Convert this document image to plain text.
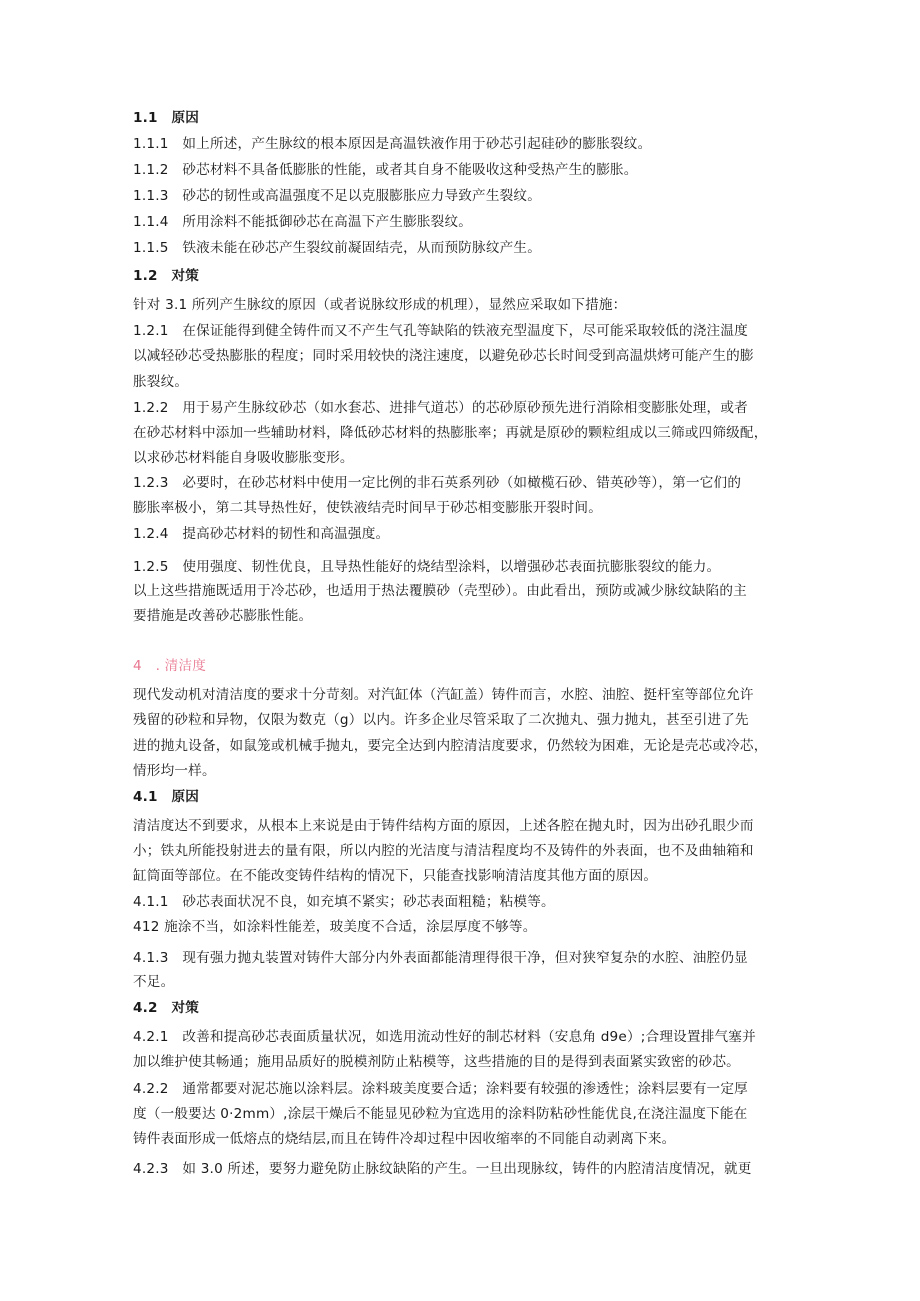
1.1　原因
1.1.1　如上所述，产生脉纹的根本原因是高温铁液作用于砂芯引起硅砂的膨胀裂纹。
1.1.2　砂芯材料不具备低膨胀的性能，或者其自身不能吸收这种受热产生的膨胀。
1.1.3　砂芯的韧性或高温强度不足以克服膨胀应力导致产生裂纹。
1.1.4　所用涂料不能抵御砂芯在高温下产生膨胀裂纹。
1.1.5　铁液未能在砂芯产生裂纹前凝固结壳，从而预防脉纹产生。
1.2　对策
针对 3.1 所列产生脉纹的原因（或者说脉纹形成的机理），显然应采取如下措施：
1.2.1　在保证能得到健全铸件而又不产生气孔等缺陷的铁液充型温度下，尽可能采取较低的浇注温度
以减轻砂芯受热膨胀的程度；同时采用较快的浇注速度，以避免砂芯长时间受到高温烘烤可能产生的膨
胀裂纹。
1.2.2　用于易产生脉纹砂芯（如水套芯、进排气道芯）的芯砂原砂预先进行消除相变膨胀处理，或者
在砂芯材料中添加一些辅助材料，降低砂芯材料的热膨胀率；再就是原砂的颗粒组成以三筛或四筛级配，
以求砂芯材料能自身吸收膨胀变形。
1.2.3　必要时，在砂芯材料中使用一定比例的非石英系列砂（如橄榄石砂、错英砂等），第一它们的
膨胀率极小，第二其导热性好，使铁液结壳时间早于砂芯相变膨胀开裂时间。
1.2.4　提高砂芯材料的韧性和高温强度。
1.2.5　使用强度、韧性优良，且导热性能好的烧结型涂料，以增强砂芯表面抗膨胀裂纹的能力。
以上这些措施既适用于冷芯砂，也适用于热法覆膜砂（壳型砂）。由此看出，预防或减少脉纹缺陷的主
要措施是改善砂芯膨胀性能。
4　. 清洁度
现代发动机对清洁度的要求十分苛刻。对汽缸体（汽缸盖）铸件而言，水腔、油腔、挺杆室等部位允许
残留的砂粒和异物，仅限为数克（g）以内。许多企业尽管采取了二次抛丸、强力抛丸，甚至引进了先
进的抛丸设备，如鼠笼或机械手抛丸，要完全达到内腔清洁度要求，仍然较为困难，无论是壳芯或冷芯，
情形均一样。
4.1　原因
清洁度达不到要求，从根本上来说是由于铸件结构方面的原因，上述各腔在抛丸时，因为出砂孔眼少而
小；铁丸所能投射进去的量有限，所以内腔的光洁度与清洁程度均不及铸件的外表面，也不及曲轴箱和
缸筒面等部位。在不能改变铸件结构的情况下，只能查找影响清洁度其他方面的原因。
4.1.1　砂芯表面状况不良，如充填不紧实；砂芯表面粗糙；粘模等。
412 施涂不当，如涂料性能差，玻美度不合适，涂层厚度不够等。
4.1.3　现有强力抛丸装置对铸件大部分内外表面都能清理得很干净，但对狭窄复杂的水腔、油腔仍显
不足。
4.2　对策
4.2.1　改善和提高砂芯表面质量状况，如选用流动性好的制芯材料（安息角 d9e）;合理设置排气塞并
加以维护使其畅通；施用品质好的脱模剂防止粘模等，这些措施的目的是得到表面紧实致密的砂芯。
4.2.2　通常都要对泥芯施以涂料层。涂料玻美度要合适；涂料要有较强的渗透性；涂料层要有一定厚
度（一般要达 0·2mm）,涂层干燥后不能显见砂粒为宜选用的涂料防粘砂性能优良,在浇注温度下能在
铸件表面形成一低熔点的烧结层,而且在铸件冷却过程中因收缩率的不同能自动剥离下来。
4.2.3　如 3.0 所述，要努力避免防止脉纹缺陷的产生。一旦出现脉纹，铸件的内腔清洁度情况，就更
